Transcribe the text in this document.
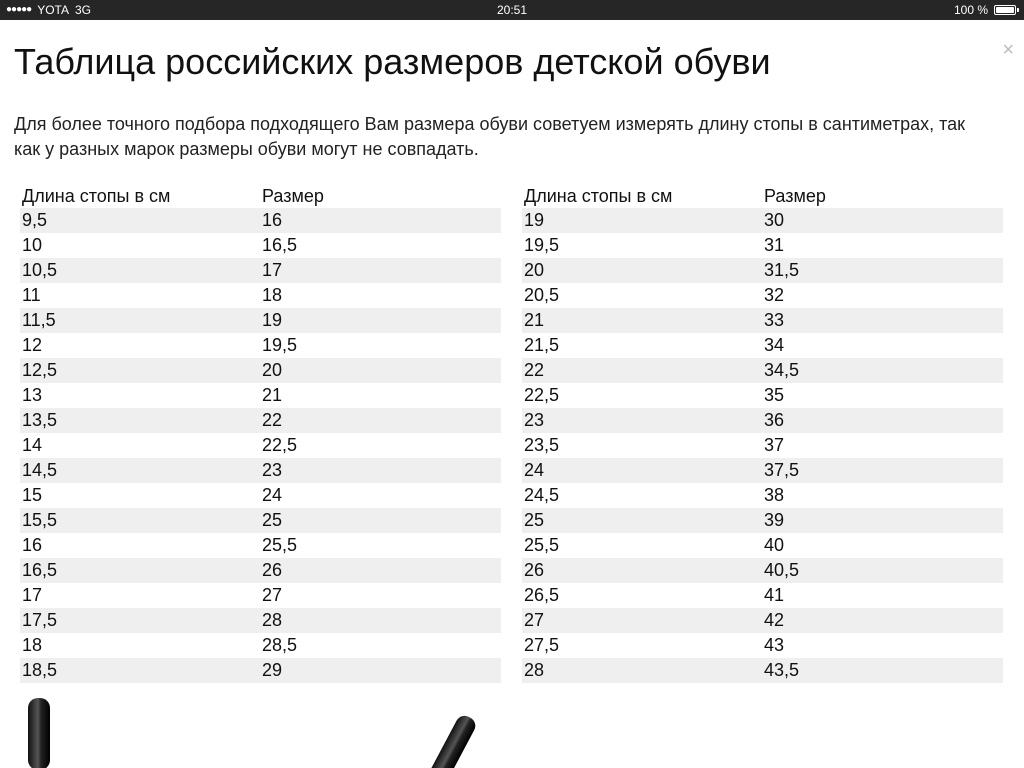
●●●●● YOTA 3G	20:51	100 %
×
Таблица российских размеров детской обуви

Для более точного подбора подходящего Вам размера обуви советуем измерять длину стопы в сантиметрах, так как у разных марок размеры обуви могут не совпадать.

Длина стопы в см	Размер
9,5	16
10	16,5
10,5	17
11	18
11,5	19
12	19,5
12,5	20
13	21
13,5	22
14	22,5
14,5	23
15	24
15,5	25
16	25,5
16,5	26
17	27
17,5	28
18	28,5
18,5	29
Длина стопы в см	Размер
19	30
19,5	31
20	31,5
20,5	32
21	33
21,5	34
22	34,5
22,5	35
23	36
23,5	37
24	37,5
24,5	38
25	39
25,5	40
26	40,5
26,5	41
27	42
27,5	43
28	43,5
